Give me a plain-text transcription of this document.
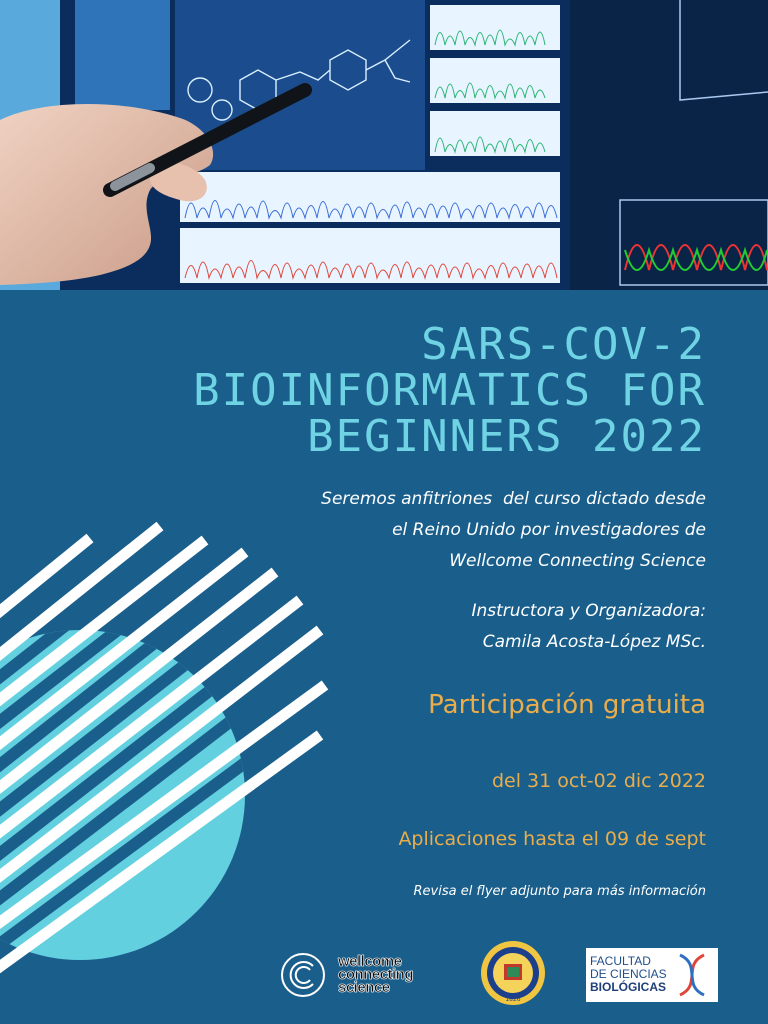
SARS-COV-2
BIOINFORMATICS FOR
BEGINNERS 2022
Seremos anfitriones  del curso dictado desde
el Reino Unido por investigadores de
Wellcome Connecting Science
Instructora y Organizadora:
Camila Acosta-López MSc.
Participación gratuita
del 31 oct-02 dic 2022
Aplicaciones hasta el 09 de sept
Revisa el flyer adjunto para más información
wellcome
connecting
science
1826
FACULTAD
DE CIENCIAS
BIOLÓGICAS
